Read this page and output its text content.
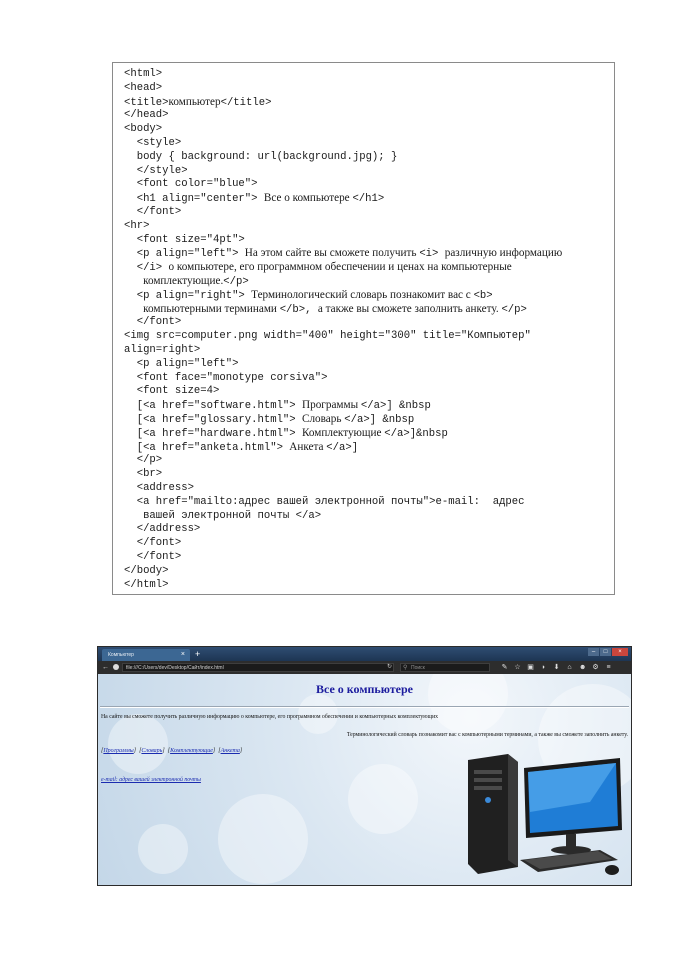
<html>
<head>
<title>компьютер</title>
</head>
<body>
<style>
body { background: url(background.jpg); }
</style>
<font color="blue">
<h1 align="center"> Все о компьютере </h1>
</font>
<hr>
<font size="4pt">
<p align="left"> На этом сайте вы сможете получить <i> различную информацию
</i> о компьютере, его программном обеспечении и ценах на компьютерные
комплектующие.</p>
<p align="right"> Терминологический словарь познакомит вас с <b>
компьютерными терминами </b>, а также вы сможете заполнить анкету. </p>
</font>
<img src=computer.png width="400" height="300" title="Компьютер"
align=right>
<p align="left">
<font face="monotype corsiva">
<font size=4>
[<a href="software.html"> Программы </a>] &nbsp
[<a href="glossary.html"> Словарь </a>] &nbsp
[<a href="hardware.html"> Комплектующие </a>]&nbsp
[<a href="anketa.html"> Анкета </a>]
</p>
<br>
<address>
<a href="mailto:адрес вашей электронной почты">e-mail:  адрес
вашей электронной почты </a>
</address>
</font>
</font>
</body>
</html>
Компьютер	× +	–	□	×
←	file:///C:/Users/dev/Desktop/Сайт/index.html	↻ ⚲ Поиск	✎ ☆ ▣ ◗ ⬇ ⌂ ☻ ⚙ ≡
Все о компьютере
На сайте вы сможете получить различную информацию о компьютере, его программном обеспечении и компьютерных комплектующих
Терминологический словарь познакомит вас с компьютерными терминами, а также вы сможете заполнить анкету.
[Программы]  [Словарь]  [Комплектующие]  [Анкета]
e-mail: адрес вашей электронной почты
